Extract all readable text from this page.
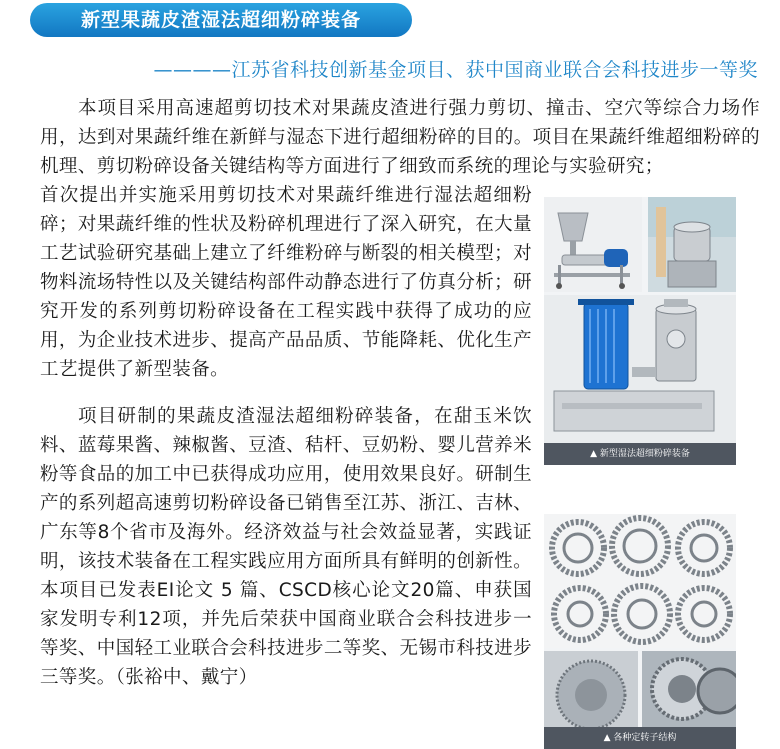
新型果蔬皮渣湿法超细粉碎装备
————江苏省科技创新基金项目、获中国商业联合会科技进步一等奖

本项目采用高速超剪切技术对果蔬皮渣进行强力剪切、撞击、空穴等综合力场作用，达到对果蔬纤维在新鲜与湿态下进行超细粉碎的目的。项目在果蔬纤维超细粉碎的机理、剪切粉碎设备关键结构等方面进行了细致而系统的理论与实验研究；

首次提出并实施采用剪切技术对果蔬纤维进行湿法超细粉碎；对果蔬纤维的性状及粉碎机理进行了深入研究，在大量工艺试验研究基础上建立了纤维粉碎与断裂的相关模型；对物料流场特性以及关键结构部件动静态进行了仿真分析；研究开发的系列剪切粉碎设备在工程实践中获得了成功的应用，为企业技术进步、提高产品品质、节能降耗、优化生产工艺提供了新型装备。

项目研制的果蔬皮渣湿法超细粉碎装备，在甜玉米饮料、蓝莓果酱、辣椒酱、豆渣、秸杆、豆奶粉、婴儿营养米粉等食品的加工中已获得成功应用，使用效果良好。研制生产的系列超高速剪切粉碎设备已销售至江苏、浙江、吉林、广东等8个省市及海外。经济效益与社会效益显著，实践证明，该技术装备在工程实践应用方面所具有鲜明的创新性。本项目已发表EI论文 5 篇、CSCD核心论文20篇、申获国家发明专利12项，并先后荣获中国商业联合会科技进步一等奖、中国轻工业联合会科技进步二等奖、无锡市科技进步三等奖。（张裕中、戴宁）

▲ 新型湿法超细粉碎装备
▲ 各种定转子结构
